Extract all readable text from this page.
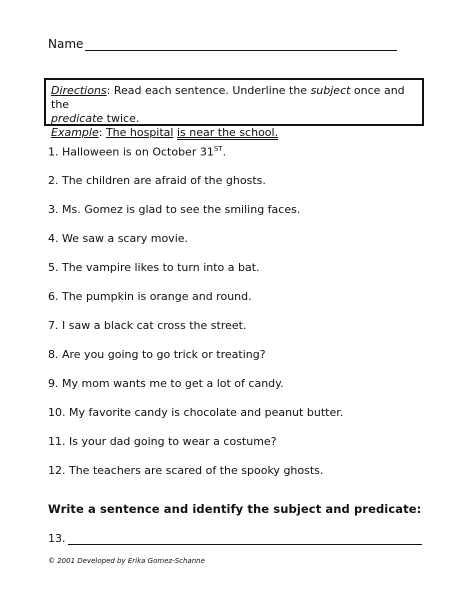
Name
Directions: Read each sentence. Underline the subject once and the
predicate twice.
Example: The hospital is near the school.
1. Halloween is on October 31ST.
2. The children are afraid of the ghosts.
3. Ms. Gomez is glad to see the smiling faces.
4. We saw a scary movie.
5. The vampire likes to turn into a bat.
6. The pumpkin is orange and round.
7. I saw a black cat cross the street.
8. Are you going to go trick or treating?
9. My mom wants me to get a lot of candy.
10. My favorite candy is chocolate and peanut butter.
11. Is your dad going to wear a costume?
12. The teachers are scared of the spooky ghosts.
Write a sentence and identify the subject and predicate:
13.
© 2001 Developed by Erika Gomez-Schanne
